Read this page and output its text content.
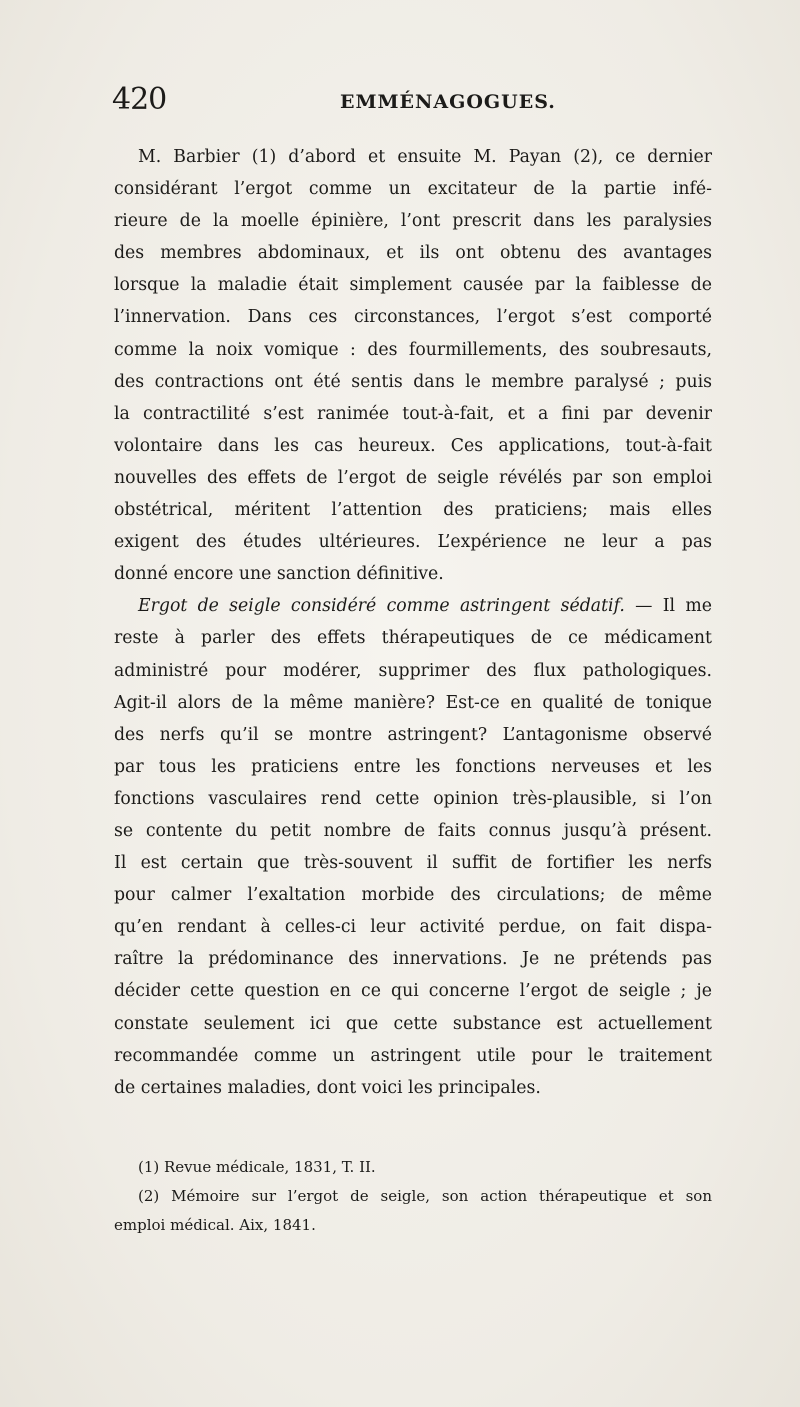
420	EMMÉNAGOGUES.
M. Barbier (1) d’abord et ensuite M. Payan (2), ce dernier
considérant l’ergot comme un excitateur de la partie infé-
rieure de la moelle épinière, l’ont prescrit dans les paralysies
des membres abdominaux, et ils ont obtenu des avantages
lorsque la maladie était simplement causée par la faiblesse de
l’innervation. Dans ces circonstances, l’ergot s’est comporté
comme la noix vomique : des fourmillements, des soubresauts,
des contractions ont été sentis dans le membre paralysé ; puis
la contractilité s’est ranimée tout-à-fait, et a fini par devenir
volontaire dans les cas heureux. Ces applications, tout-à-fait
nouvelles des effets de l’ergot de seigle révélés par son emploi
obstétrical, méritent l’attention des praticiens; mais elles
exigent des études ultérieures. L’expérience ne leur a pas
donné encore une sanction définitive.
Ergot de seigle considéré comme astringent sédatif. — Il me
reste à parler des effets thérapeutiques de ce médicament
administré pour modérer, supprimer des flux pathologiques.
Agit-il alors de la même manière? Est-ce en qualité de tonique
des nerfs qu’il se montre astringent? L’antagonisme observé
par tous les praticiens entre les fonctions nerveuses et les
fonctions vasculaires rend cette opinion très-plausible, si l’on
se contente du petit nombre de faits connus jusqu’à présent.
Il est certain que très-souvent il suffit de fortifier les nerfs
pour calmer l’exaltation morbide des circulations; de même
qu’en rendant à celles-ci leur activité perdue, on fait dispa-
raître la prédominance des innervations. Je ne prétends pas
décider cette question en ce qui concerne l’ergot de seigle ; je
constate seulement ici que cette substance est actuellement
recommandée comme un astringent utile pour le traitement
de certaines maladies, dont voici les principales.
(1) Revue médicale, 1831, T. II.
(2) Mémoire sur l’ergot de seigle, son action thérapeutique et son
emploi médical. Aix, 1841.
